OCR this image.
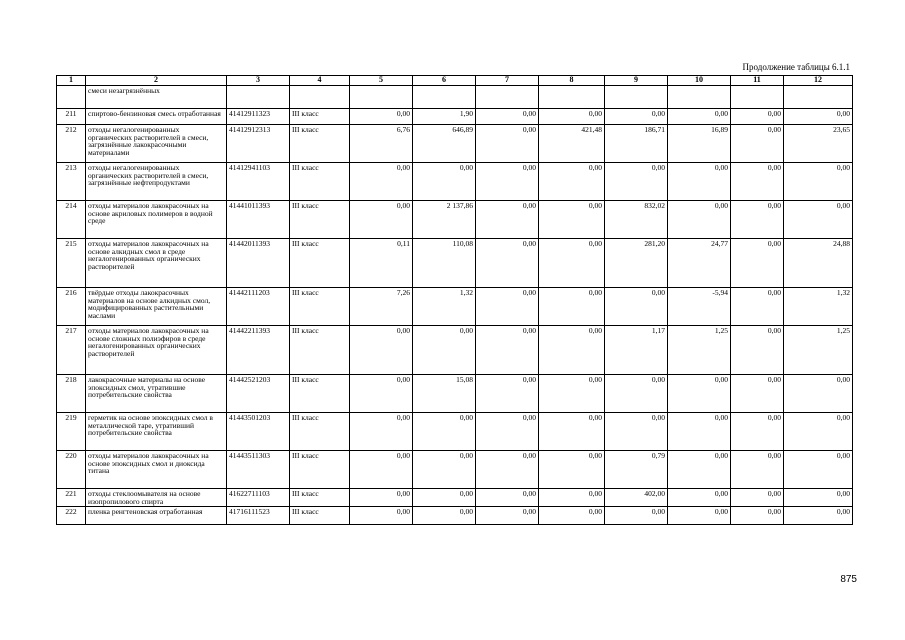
Продолжение таблицы 6.1.1
1	2	3	4	5	6	7	8	9	10	11	12
	смеси незагрязнённых										
211	спиртово-бензиновая смесь отработанная	41412911323	III класс	0,00	1,90	0,00	0,00	0,00	0,00	0,00	0,00
212	отходы негалогенированных органических растворителей в смеси, загрязнённые лакокрасочными материалами	41412912313	III класс	6,76	646,89	0,00	421,48	186,71	16,89	0,00	23,65
213	отходы негалогенированных органических растворителей в смеси, загрязнённые нефтепродуктами	41412941103	III класс	0,00	0,00	0,00	0,00	0,00	0,00	0,00	0,00
214	отходы материалов лакокрасочных на основе акриловых полимеров в водной среде	41441011393	III класс	0,00	2 137,86	0,00	0,00	832,02	0,00	0,00	0,00
215	отходы материалов лакокрасочных на основе алкидных смол в среде негалогенированных органических растворителей	41442011393	III класс	0,11	110,08	0,00	0,00	281,20	24,77	0,00	24,88
216	твёрдые отходы лакокрасочных материалов на основе алкидных смол, модифицированных растительными маслами	41442111203	III класс	7,26	1,32	0,00	0,00	0,00	-5,94	0,00	1,32
217	отходы материалов лакокрасочных на основе сложных полиэфиров в среде негалогенированных органических растворителей	41442211393	III класс	0,00	0,00	0,00	0,00	1,17	1,25	0,00	1,25
218	лакокрасочные материалы на основе эпоксидных смол, утратившие потребительские свойства	41442521203	III класс	0,00	15,08	0,00	0,00	0,00	0,00	0,00	0,00
219	герметик на основе эпоксидных смол в металлической таре, утративший потребительские свойства	41443501203	III класс	0,00	0,00	0,00	0,00	0,00	0,00	0,00	0,00
220	отходы материалов лакокрасочных на основе эпоксидных смол и диоксида титана	41443511303	III класс	0,00	0,00	0,00	0,00	0,79	0,00	0,00	0,00
221	отходы стеклоомывателя на основе изопропилового спирта	41622711103	III класс	0,00	0,00	0,00	0,00	402,00	0,00	0,00	0,00
222	пленка ренгтеновская отработанная	41716111523	III класс	0,00	0,00	0,00	0,00	0,00	0,00	0,00	0,00
875
